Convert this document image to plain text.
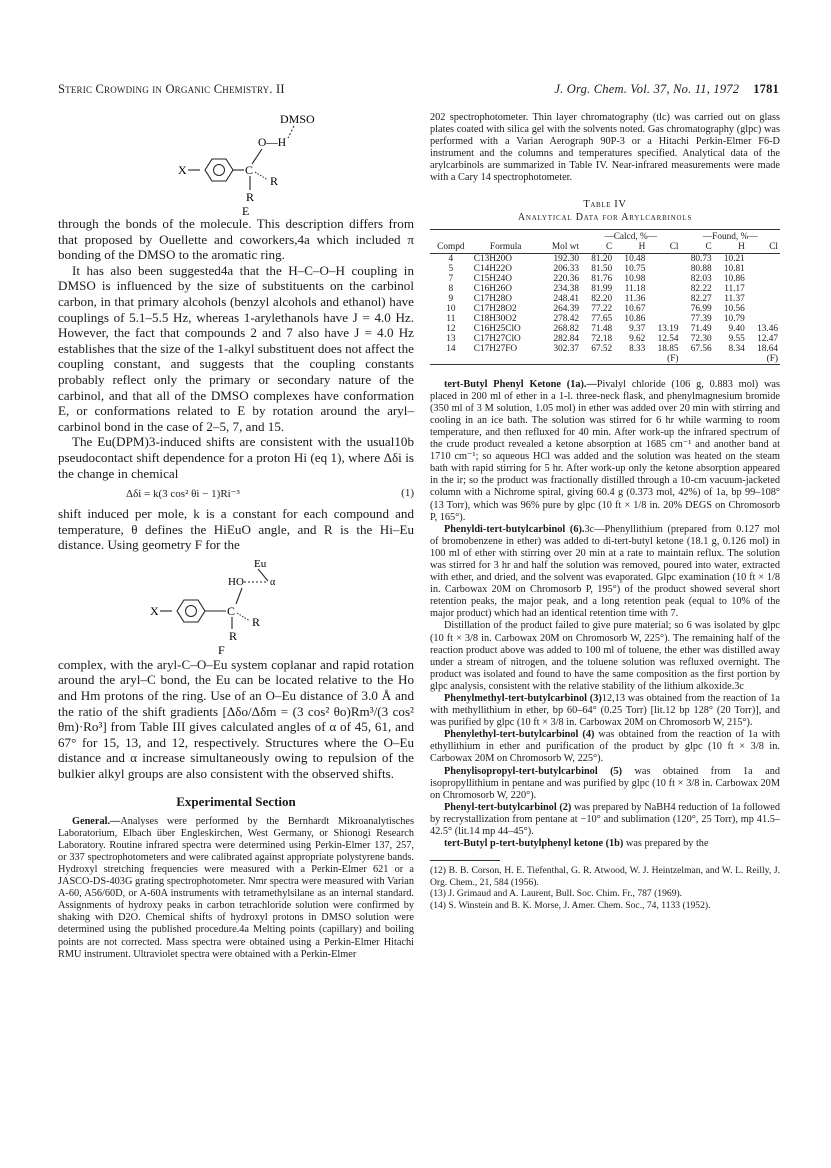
Steric Crowding in Organic Chemistry. II	J. Org. Chem. Vol. 37, No. 11, 1972 1781
DMSO
O—H
X	C
R
R
E

through the bonds of the molecule. This description differs from that proposed by Ouellette and coworkers,4a which included π bonding of the DMSO to the aromatic ring.

It has also been suggested4a that the H–C–O–H coupling in DMSO is influenced by the size of substituents on the carbinol carbon, in that primary alcohols (benzyl alcohols and ethanol) have couplings of 5.1–5.5 Hz, whereas 1-arylethanols have J = 4.0 Hz. However, the fact that compounds 2 and 7 also have J = 4.0 Hz establishes that the size of the 1-alkyl substituent does not affect the coupling constant, and suggests that the coupling constants probably reflect only the primary or secondary nature of the carbinol, and that all of the DMSO complexes have conformation E, or conformations related to E by rotation around the aryl–carbinol bond in the case of 2–5, 7, and 15.

The Eu(DPM)3-induced shifts are consistent with the usual10b pseudocontact shift dependence for a proton Hi (eq 1), where Δδi is the change in chemical

Δδi = k(3 cos² θi − 1)Ri⁻³	(1)

shift induced per mole, k is a constant for each compound and temperature, θ defines the HiEuO angle, and R is the Hi–Eu distance. Using geometry F for the

Eu
HO	α
X	C
R
R
F

complex, with the aryl-C–O–Eu system coplanar and rapid rotation around the aryl–C bond, the Eu can be located relative to the Ho and Hm protons of the ring. Use of an O–Eu distance of 3.0 Å and the ratio of the shift gradients [Δδo/Δδm = (3 cos² θo)Rm³/(3 cos² θm)·Ro³] from Table III gives calculated angles of α of 45, 61, and 67° for 15, 13, and 12, respectively. Structures where the O–Eu distance and α increase simultaneously owing to repulsion of the bulkier alkyl groups are also consistent with the observed shifts.

Experimental Section

General.—Analyses were performed by the Bernhardt Mikroanalytisches Laboratorium, Elbach über Engleskirchen, West Germany, or Shionogi Research Laboratory. Routine infrared spectra were determined using Perkin-Elmer 137, 257, or 337 spectrophotometers and were calibrated against appropriate polystyrene bands. Hydroxyl stretching frequencies were measured with a Perkin-Elmer 621 or a JASCO-DS-403G grating spectrophotometer. Nmr spectra were measured with Varian A-60, A56/60D, or A-60A instruments with tetramethylsilane as an internal standard. Assignments of hydroxy peaks in carbon tetrachloride solution were confirmed by shaking with D2O. Chemical shifts of hydroxyl protons in DMSO solution were determined using the published procedure.4a Melting points (capillary) and boiling points are not corrected. Mass spectra were obtained using a Perkin-Elmer Hitachi RMU instrument. Ultraviolet spectra were obtained with a Perkin-Elmer

202 spectrophotometer. Thin layer chromatography (tlc) was carried out on glass plates coated with silica gel with the solvents noted. Gas chromatography (glpc) was performed with a Varian Aerograph 90P-3 or a Hitachi Perkin-Elmer F6-D instrument and the columns and temperatures specified. Analytical data of the arylcarbinols are summarized in Table IV. Near-infrared measurements were made with a Cary 14 spectrophotometer.

Table IV
Analytical Data for Arylcarbinols
			—Calcd, %—			—Found, %—		
Compd	Formula	Mol wt	C	H	Cl	C	H	Cl
4	C13H20O	192.30	81.20	10.48		80.73	10.21	
5	C14H22O	206.33	81.50	10.75		80.88	10.81	
7	C15H24O	220.36	81.76	10.98		82.03	10.86	
8	C16H26O	234.38	81.99	11.18		82.22	11.17	
9	C17H28O	248.41	82.20	11.36		82.27	11.37	
10	C17H28O2	264.39	77.22	10.67		76.99	10.56	
11	C18H30O2	278.42	77.65	10.86		77.39	10.79	
12	C16H25ClO	268.82	71.48	9.37	13.19	71.49	9.40	13.46
13	C17H27ClO	282.84	72.18	9.62	12.54	72.30	9.55	12.47
14	C17H27FO	302.37	67.52	8.33	18.85	67.56	8.34	18.64
					(F)			(F)

tert-Butyl Phenyl Ketone (1a).—Pivalyl chloride (106 g, 0.883 mol) was placed in 200 ml of ether in a 1-l. three-neck flask, and phenylmagnesium bromide (350 ml of 3 M solution, 1.05 mol) in ether was added over 20 min with stirring and cooling in an ice bath. The solution was stirred for 6 hr while warming to room temperature, and then refluxed for 40 min. After work-up the infrared spectrum of the crude product revealed a ketone absorption at 1685 cm⁻¹ and another band at 1710 cm⁻¹; so aqueous HCl was added and the solution was heated on the steam bath with rapid stirring for 5 hr. After work-up only the ketone absorption appeared in the ir; so the product was fractionally distilled through a 10-cm vacuum-jacketed column with a Nichrome spiral, giving 60.4 g (0.373 mol, 42%) of 1a, bp 99–108° (13 Torr), which was 96% pure by glpc (10 ft × 1/8 in. 20% DEGS on Chromosorb P, 165°).

Phenyldi-tert-butylcarbinol (6).3c—Phenyllithium (prepared from 0.127 mol of bromobenzene in ether) was added to di-tert-butyl ketone (18.1 g, 0.126 mol) in 100 ml of ether with stirring over 20 min at a rate to maintain reflux. The solution was stirred for 3 hr and half the solution was removed, poured into water, extracted with ether, and dried, and the solvent was evaporated. Glpc examination (10 ft × 1/8 in. Carbowax 20M on Chromosorb P, 195°) of the product showed several short retention peaks, the major peak, and a long retention peak (equal to 10% of the major product) which had an identical retention time with 7.

Distillation of the product failed to give pure material; so 6 was isolated by glpc (10 ft × 3/8 in. Carbowax 20M on Chromosorb W, 225°). The remaining half of the reaction product above was added to 100 ml of toluene, the ether was distilled away under a stream of nitrogen, and the toluene solution was refluxed overnight. The product was isolated and found to have the same composition as the first portion by glpc analysis, consistent with the relative stability of the lithium alkoxide.3c

Phenylmethyl-tert-butylcarbinol (3)12,13 was obtained from the reaction of 1a with methyllithium in ether, bp 60–64° (0.25 Torr) [lit.12 bp 128° (20 Torr)], and was purified by glpc (10 ft × 3/8 in. Carbowax 20M on Chromosorb W, 215°).

Phenylethyl-tert-butylcarbinol (4) was obtained from the reaction of 1a with ethyllithium in ether and purification of the product by glpc (10 ft × 3/8 in. Carbowax 20M on Chromosorb W, 225°).

Phenylisopropyl-tert-butylcarbinol (5) was obtained from 1a and isopropyllithium in pentane and was purified by glpc (10 ft × 3/8 in. Carbowax 20M on Chromosorb W, 220°).

Phenyl-tert-butylcarbinol (2) was prepared by NaBH4 reduction of 1a followed by recrystallization from pentane at −10° and sublimation (120°, 25 Torr), mp 41.5–42.5° (lit.14 mp 44–45°).

tert-Butyl p-tert-butylphenyl ketone (1b) was prepared by the

(12) B. B. Corson, H. E. Tiefenthal, G. R. Atwood, W. J. Heintzelman, and W. L. Reilly, J. Org. Chem., 21, 584 (1956).

(13) J. Grimaud and A. Laurent, Bull. Soc. Chim. Fr., 787 (1969).

(14) S. Winstein and B. K. Morse, J. Amer. Chem. Soc., 74, 1133 (1952).
